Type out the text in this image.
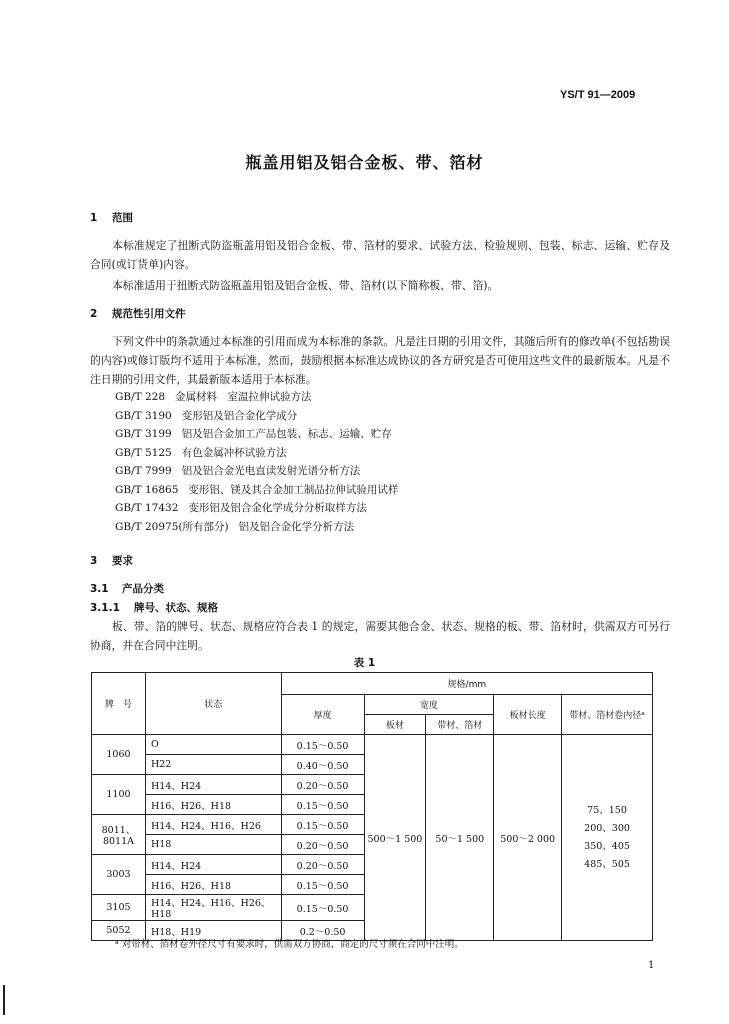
YS/T 91—2009
瓶盖用铝及铝合金板、带、箔材
1 范围
本标准规定了扭断式防盗瓶盖用铝及铝合金板、带、箔材的要求、试验方法、检验规则、包装、标志、运输、贮存及合同(或订货单)内容。
本标准适用于扭断式防盗瓶盖用铝及铝合金板、带、箔材(以下简称板、带、箔)。
2 规范性引用文件
下列文件中的条款通过本标准的引用而成为本标准的条款。凡是注日期的引用文件，其随后所有的修改单(不包括勘误的内容)或修订版均不适用于本标准，然而，鼓励根据本标准达成协议的各方研究是否可使用这些文件的最新版本。凡是不注日期的引用文件，其最新版本适用于本标准。
GB/T 228 金属材料　室温拉伸试验方法
GB/T 3190 变形铝及铝合金化学成分
GB/T 3199 铝及铝合金加工产品包装、标志、运输、贮存
GB/T 5125 有色金属冲杯试验方法
GB/T 7999 铝及铝合金光电直读发射光谱分析方法
GB/T 16865 变形铝、镁及其合金加工制品拉伸试验用试样
GB/T 17432 变形铝及铝合金化学成分分析取样方法
GB/T 20975(所有部分) 铝及铝合金化学分析方法
3 要求
3.1 产品分类
3.1.1 牌号、状态、规格
板、带、箔的牌号、状态、规格应符合表 1 的规定，需要其他合金、状态、规格的板、带、箔材时，供需双方可另行协商，并在合同中注明。
表 1
牌　号	状态	规格/mm				
		厚度	宽度		板材长度	带材、箔材卷内径ᵃ
			板材	带材、箔材		
1060	O	0.15～0.50	500～1 500	50～1 500	500～2 000	75、150
200、300
350、405
485、505

	H22	0.40～0.50				
1100	H14、H24	0.20～0.50				
	H16、H26、H18	0.15～0.50				
8011、
8011A	H14、H24、H16、H26	0.15～0.50				
	H18	0.20～0.50				
3003	H14、H24	0.20～0.50				
	H16、H26、H18	0.15～0.50				
3105	H14、H24、H16、H26、H18	0.15～0.50				
5052	H18、H19	0.2～0.50				
ᵃ 对带材、箔材卷外径尺寸有要求时，供需双方协商，商定的尺寸须在合同中注明。
1
